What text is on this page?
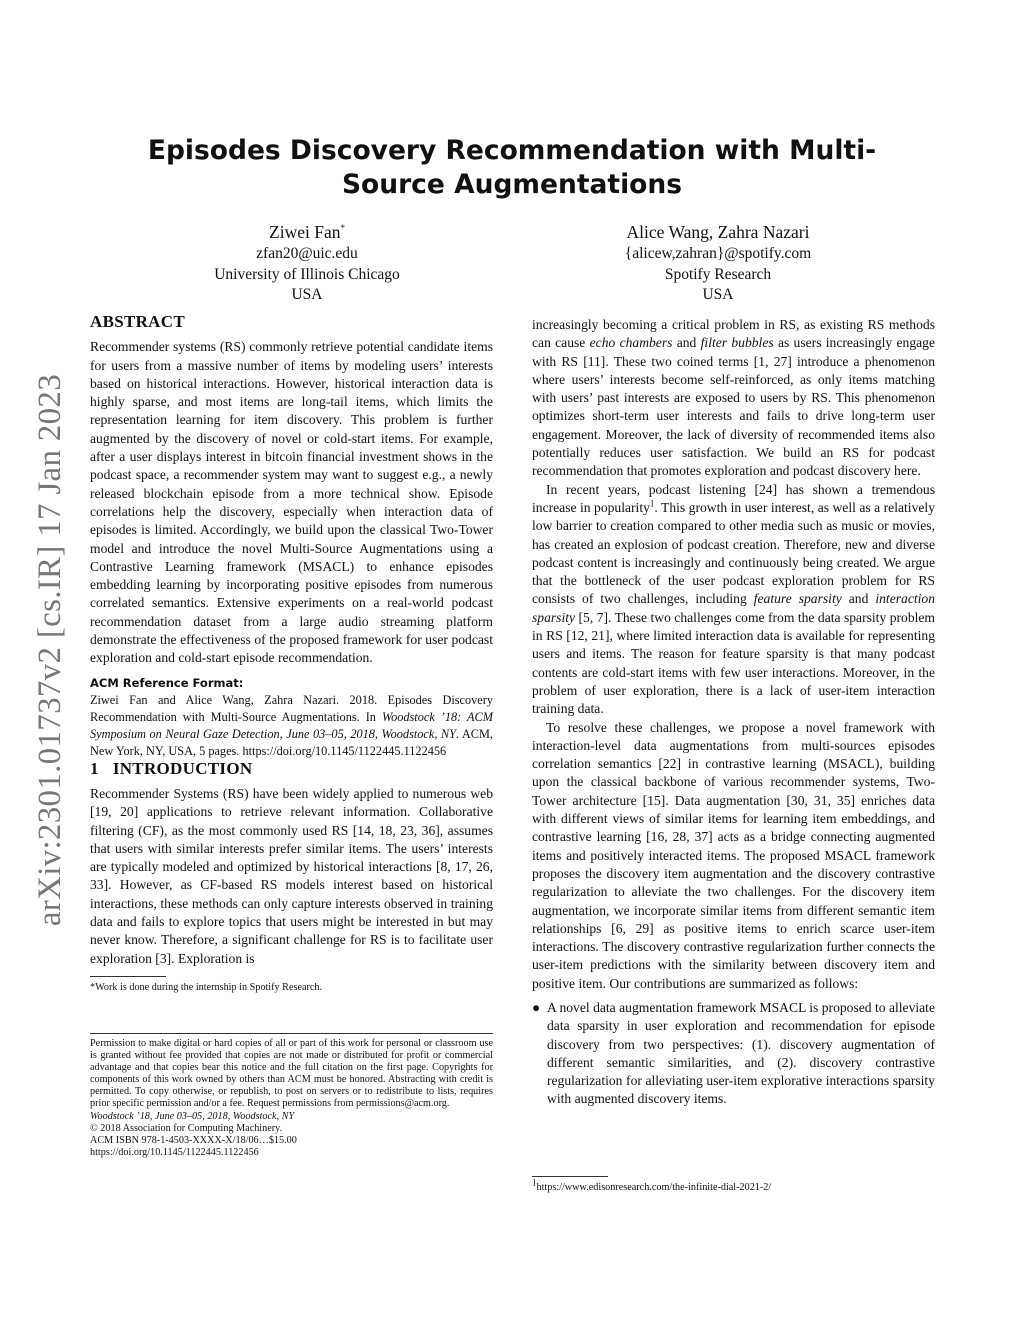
arXiv:2301.01737v2 [cs.IR] 17 Jan 2023
Episodes Discovery Recommendation with Multi-Source Augmentations
Ziwei Fan*
zfan20@uic.edu
University of Illinois Chicago
USA
Alice Wang, Zahra Nazari
{alicew,zahran}@spotify.com
Spotify Research
USA
ABSTRACT

Recommender systems (RS) commonly retrieve potential candidate items for users from a massive number of items by modeling users’ interests based on historical interactions. However, historical interaction data is highly sparse, and most items are long-tail items, which limits the representation learning for item discovery. This problem is further augmented by the discovery of novel or cold-start items. For example, after a user displays interest in bitcoin financial investment shows in the podcast space, a recommender system may want to suggest e.g., a newly released blockchain episode from a more technical show. Episode correlations help the discovery, especially when interaction data of episodes is limited. Accordingly, we build upon the classical Two-Tower model and introduce the novel Multi-Source Augmentations using a Contrastive Learning framework (MSACL) to enhance episodes embedding learning by incorporating positive episodes from numerous correlated semantics. Extensive experiments on a real-world podcast recommendation dataset from a large audio streaming platform demonstrate the effectiveness of the proposed framework for user podcast exploration and cold-start episode recommendation.

ACM Reference Format:

Ziwei Fan and Alice Wang, Zahra Nazari. 2018. Episodes Discovery Recommendation with Multi-Source Augmentations. In Woodstock ’18: ACM Symposium on Neural Gaze Detection, June 03–05, 2018, Woodstock, NY. ACM, New York, NY, USA, 5 pages. https://doi.org/10.1145/1122445.1122456

1 INTRODUCTION

Recommender Systems (RS) have been widely applied to numerous web [19, 20] applications to retrieve relevant information. Collaborative filtering (CF), as the most commonly used RS [14, 18, 23, 36], assumes that users with similar interests prefer similar items. The users’ interests are typically modeled and optimized by historical interactions [8, 17, 26, 33]. However, as CF-based RS models interest based on historical interactions, these methods can only capture interests observed in training data and fails to explore topics that users might be interested in but may never know. Therefore, a significant challenge for RS is to facilitate user exploration [3]. Exploration is

*Work is done during the internship in Spotify Research.

Permission to make digital or hard copies of all or part of this work for personal or classroom use is granted without fee provided that copies are not made or distributed for profit or commercial advantage and that copies bear this notice and the full citation on the first page. Copyrights for components of this work owned by others than ACM must be honored. Abstracting with credit is permitted. To copy otherwise, or republish, to post on servers or to redistribute to lists, requires prior specific permission and/or a fee. Request permissions from permissions@acm.org.

Woodstock ’18, June 03–05, 2018, Woodstock, NY
© 2018 Association for Computing Machinery.
ACM ISBN 978-1-4503-XXXX-X/18/06…$15.00
https://doi.org/10.1145/1122445.1122456

increasingly becoming a critical problem in RS, as existing RS methods can cause echo chambers and filter bubbles as users increasingly engage with RS [11]. These two coined terms [1, 27] introduce a phenomenon where users’ interests become self-reinforced, as only items matching with users’ past interests are exposed to users by RS. This phenomenon optimizes short-term user interests and fails to drive long-term user engagement. Moreover, the lack of diversity of recommended items also potentially reduces user satisfaction. We build an RS for podcast recommendation that promotes exploration and podcast discovery here.

In recent years, podcast listening [24] has shown a tremendous increase in popularity$^1$. This growth in user interest, as well as a relatively low barrier to creation compared to other media such as music or movies, has created an explosion of podcast creation. Therefore, new and diverse podcast content is increasingly and continuously being created. We argue that the bottleneck of the user podcast exploration problem for RS consists of two challenges, including feature sparsity and interaction sparsity [5, 7]. These two challenges come from the data sparsity problem in RS [12, 21], where limited interaction data is available for representing users and items. The reason for feature sparsity is that many podcast contents are cold-start items with few user interactions. Moreover, in the problem of user exploration, there is a lack of user-item interaction training data.

To resolve these challenges, we propose a novel framework with interaction-level data augmentations from multi-sources episodes correlation semantics [22] in contrastive learning (MSACL), building upon the classical backbone of various recommender systems, Two-Tower architecture [15]. Data augmentation [30, 31, 35] enriches data with different views of similar items for learning item embeddings, and contrastive learning [16, 28, 37] acts as a bridge connecting augmented items and positively interacted items. The proposed MSACL framework proposes the discovery item augmentation and the discovery contrastive regularization to alleviate the two challenges. For the discovery item augmentation, we incorporate similar items from different semantic item relationships [6, 29] as positive items to enrich scarce user-item interactions. The discovery contrastive regularization further connects the user-item predictions with the similarity between discovery item and positive item. Our contributions are summarized as follows:

● A novel data augmentation framework MSACL is proposed to alleviate data sparsity in user exploration and recommendation for episode discovery from two perspectives: (1). discovery augmentation of different semantic similarities, and (2). discovery contrastive regularization for alleviating user-item explorative interactions sparsity with augmented discovery items.
$^1$https://www.edisonresearch.com/the-infinite-dial-2021-2/
